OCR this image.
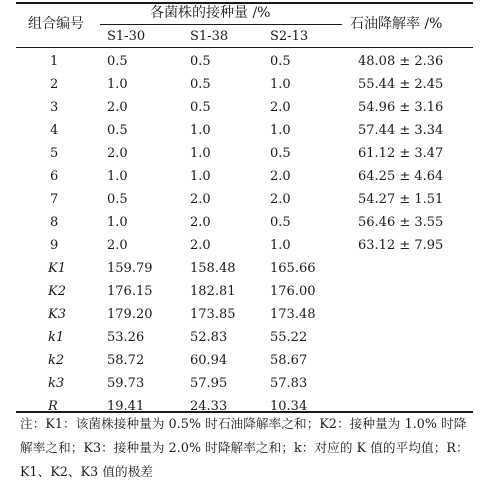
组合编号
各菌株的接种量 /%
石油降解率 /%
S1-30	S1-38	S2-13
1	0.5	0.5	0.5	48.08 ± 2.36
2	1.0	0.5	1.0	55.44 ± 2.45
3	2.0	0.5	2.0	54.96 ± 3.16
4	0.5	1.0	1.0	57.44 ± 3.34
5	2.0	1.0	0.5	61.12 ± 3.47
6	1.0	1.0	2.0	64.25 ± 4.64
7	0.5	2.0	2.0	54.27 ± 1.51
8	1.0	2.0	0.5	56.46 ± 3.55
9	2.0	2.0	1.0	63.12 ± 7.95
K1	159.79	158.48	165.66
K2	176.15	182.81	176.00
K3	179.20	173.85	173.48
k1	53.26	52.83	55.22
k2	58.72	60.94	58.67
k3	59.73	57.95	57.83
R	19.41	24.33	10.34
注：K1：该菌株接种量为 0.5% 时石油降解率之和；K2：接种量为 1.0% 时降解率之和；K3：接种量为 2.0% 时降解率之和；k：对应的 K 值的平均值；R：K1、K2、K3 值的极差
